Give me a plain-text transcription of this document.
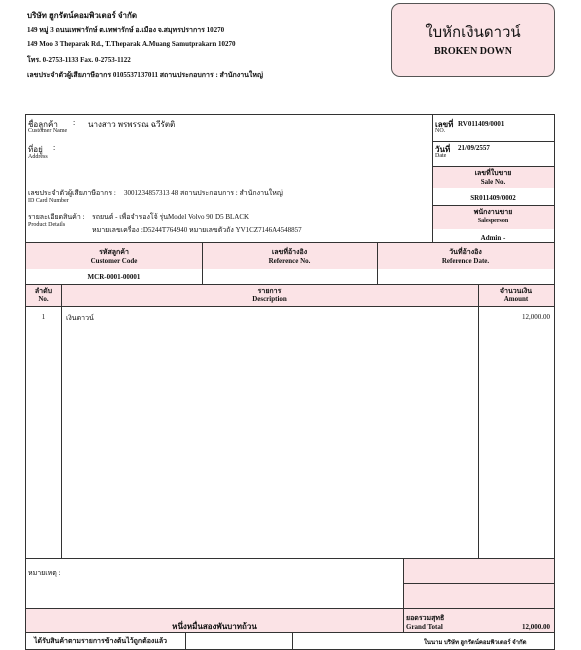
บริษัท ฮูกรัตน์คอมพิวเตอร์ จำกัด
149 หมู่ 3 ถนนเทพารักษ์ ต.เทพารักษ์ อ.เมือง จ.สมุทรปราการ 10270
149 Moo 3 Theparak Rd., T.Theparak A.Muang Samutprakarn 10270
โทร. 0-2753-1133 Fax. 0-2753-1122
เลขประจำตัวผู้เสียภาษีอากร 0105537137011 สถานประกอบการ : สำนักงานใหญ่
ใบหักเงินดาวน์
BROKEN DOWN
ชื่อลูกค้า
Customer Name
: นางสาว พรพรรณ ฉวีรัตติ
ที่อยู่
Address
:
เลขประจำตัวผู้เสียภาษีอากร :
ID Card Number
3001234857313 48 สถานประกอบการ : สำนักงานใหญ่
รายละเอียดสินค้า :
Product Details
รถยนต์ - เพื่อจำรองโจ้ รุ่นModel Volvo 90 D5 BLACK
หมายเลขเครื่อง :D5244T764940 หมายเลขตัวถัง YV1CZ7146A4548857
เลขที่
NO.
RV011409/0001
วันที่
Date
21/09/2557
เลขที่ใบขาย
Sale No.
SR011409/0002
พนักงานขาย
Salesperson
Admin -
รหัสลูกค้า
Customer Code
MCR-0001-00001
เลขที่อ้างอิง
Reference No.
วันที่อ้างอิง
Reference Date.
ลำดับ
No.
รายการ
Description
จำนวนเงิน
Amount
1	เงินดาวน์	12,000.00
หมายเหตุ :
หนึ่งหมื่นสองพันบาทถ้วน
ยอดรวมสุทธิ
Grand Total	12,000.00
ได้รับสินค้าตามรายการข้างต้นไว้ถูกต้องแล้ว	ในนาม บริษัท ฮูกรัตน์คอมพิวเตอร์ จำกัด
